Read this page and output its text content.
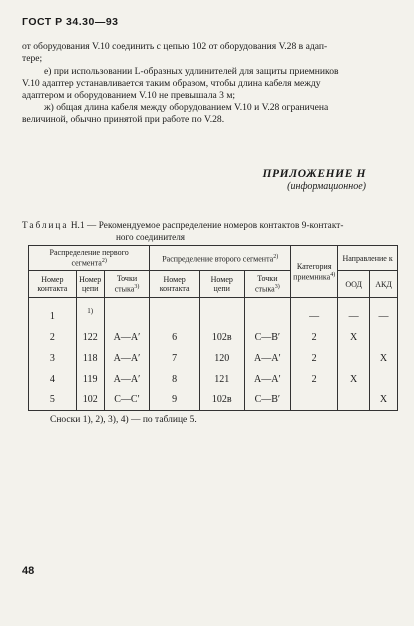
ГОСТ Р 34.30—93
от оборудования V.10 соединить с цепью 102 от оборудования V.28 в адап-
тере;
е) при использовании L-образных удлинителей для защиты приемников
V.10 адаптер устанавливается таким образом, чтобы длина кабеля между
адаптером и оборудованием V.10 не превышала 3 м;
ж) общая длина кабеля между оборудованием V.10 и V.28 ограничена
величиной, обычно принятой при работе по V.28.
ПРИЛОЖЕНИЕ Н
(информационное)
Таблица Н.1 — Рекомендуемое распределение номеров контактов 9-контакт-
ного соединителя
Распределение первого сегмента$^{2)}$			Распределение второго сегмента$^{2)}$			Категория приемника$^{4)}$	Направление к	
Номер контакта	Номер цепи	Точки стыка$^{3)}$	Номер контакта	Номер цепи	Точки стыка$^{3)}$		ООД	АКД

1	1)					—	—	—
2	122	А—А′	6	102в	С—В′	2	X	
3	118	А—А′	7	120	А—А′	2		X
4	119	А—А′	8	121	А—А′	2	X	
5	102	С—С′	9	102в	С—В′			X
Сноски 1), 2), 3), 4) — по таблице 5.
48
